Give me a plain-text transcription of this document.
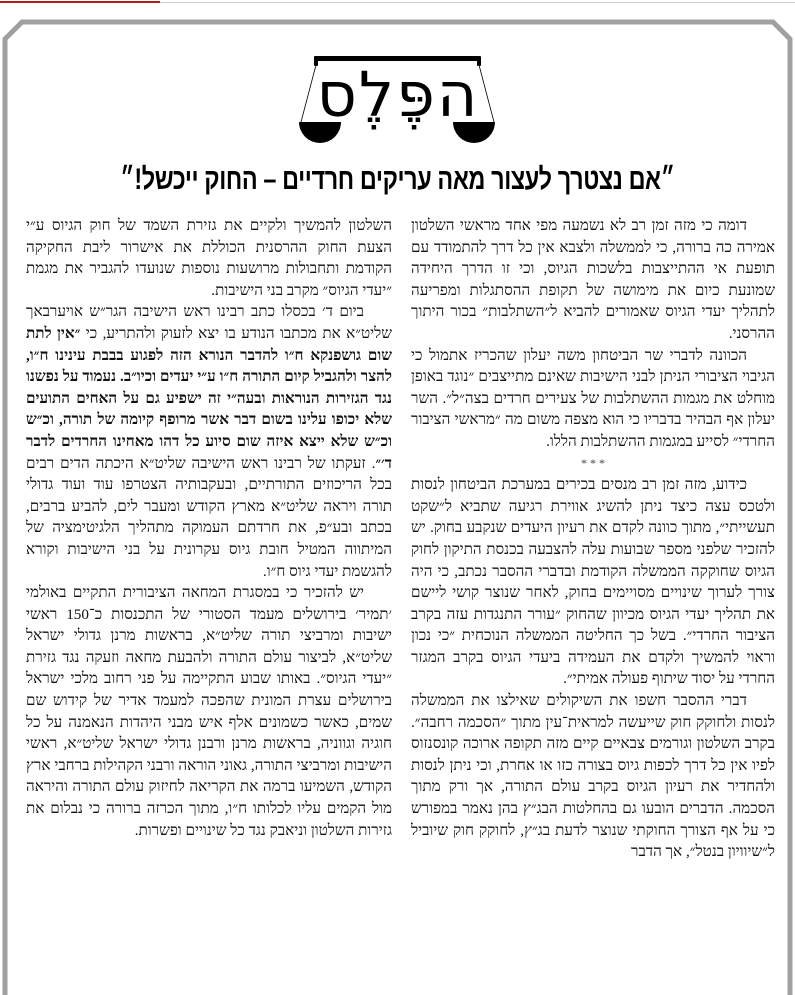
הפֶּלֶס
״אם נצטרך לעצור מאה עריקים חרדיים – החוק ייכשל!״

דומה כי מזה זמן רב לא נשמעה מפי אחד מראשי השלטון אמירה כה ברורה, כי לממשלה ולצבא אין כל דרך להתמודד עם תופעת אי ההתייצבות בלשכות הגיוס, וכי זו הדרך היחידה שמונעת כיום את מימושה של תקופת ההסתגלות ומפריעה לתהליך יעדי הגיוס שאמורים להביא ל״השתלבות״ בכור היתוך ההרסני.

הכוונה לדברי שר הביטחון משה יעלון שהכריז אתמול כי הגיבוי הציבורי הניתן לבני הישיבות שאינם מתייצבים ״נוגד באופן מוחלט את מגמות ההשתלבות של צעירים חרדים בצה״ל״. השר יעלון אף הבהיר בדבריו כי הוא מצפה משום מה ״מראשי הציבור החרדי״ לסייע במגמות ההשתלבות הללו.

* * *

כידוע, מזה זמן רב מנסים בכירים במערכת הביטחון לנסות ולטכס עצה כיצד ניתן להשיג אווירת רגיעה שתביא ל״שקט תעשייתי״, מתוך כוונה לקדם את רעיון היעדים שנקבע בחוק. יש להזכיר שלפני מספר שבועות עלה להצבעה בכנסת התיקון לחוק הגיוס שחוקקה הממשלה הקודמת ובדברי ההסבר נכתב, כי היה צורך לערוך שינויים מסויימים בחוק, לאחר שנוצר קושי ליישם את תהליך יעדי הגיוס מכיוון שהחוק ״עורר התנגדות עזה בקרב הציבור החרדי״. בשל כך החליטה הממשלה הנוכחית ״כי נכון וראוי להמשיך ולקדם את העמידה ביעדי הגיוס בקרב המגזר החרדי על יסוד שיתוף פעולה אמיתי״.

דברי ההסבר חשפו את השיקולים שאילצו את הממשלה לנסות ולחוקק חוק שייעשה למראית־עין מתוך ״הסכמה רחבה״. בקרב השלטון וגורמים צבאיים קיים מזה תקופה ארוכה קונסנזוס לפיו אין כל דרך לכפות גיוס בצורה כזו או אחרת, וכי ניתן לנסות ולהחדיר את רעיון הגיוס בקרב עולם התורה, אך ורק מתוך הסכמה. הדברים הובעו גם בהחלטות הבג״ץ בהן נאמר במפורש כי על אף הצורך החוקתי שנוצר לדעת בג״ץ, לחוקק חוק שיוביל ל״שיוויון בנטל״, אך הדבר

השלטון להמשיך ולקיים את גזירת השמד של חוק הגיוס ע״י הצעת החוק ההרסנית הכוללת את אישרור ליבת החקיקה הקודמת ותחבולות מרושעות נוספות שנועדו להגביר את מגמת ״יעדי הגיוס״ מקרב בני הישיבות.

ביום ד׳ בכסלו כתב רבינו ראש הישיבה הגר״ש אויערבאך שליט״א את מכתבו הנודע בו יצא לזעוק ולהתריע, כי ״אין לתת שום גושפנקא ח״ו להדבר הנורא הזה לפגוע בבבת עינינו ח״ו, להצר ולהגביל קיום התורה ח״ו ע״י יעדים וכיו״ב. נעמוד על נפשנו נגד הגזירות הנוראות ובעה״י זה ישפיע גם על האחים התועים שלא יכופו עלינו בשום דבר אשר מרופף קיומה של תורה, וכ״ש וכ״ש שלא ייצא איזה שום סיוע כל דהו מאחינו החרדים לדבר ד׳״. זעקתו של רבינו ראש הישיבה שליט״א היכתה הדים רבים בכל הריכוזים התורתיים, ובעקבותיה הצטרפו עוד ועוד גדולי תורה ויראה שליט״א מארץ הקודש ומעבר לים, להביע ברבים, בכתב ובע״פ, את חרדתם העמוקה מתהליך הלגיטימציה של המיתווה המטיל חובת גיוס עקרונית על בני הישיבות וקורא להגשמת יעדי גיוס ח״ו.

יש להזכיר כי במסגרת המחאה הציבורית התקיים באולמי ׳תמיר׳ בירושלים מעמד הסטורי של התכנסות כ־150 ראשי ישיבות ומרביצי תורה שליט״א, בראשות מרנן גדולי ישראל שליט״א, לביצור עולם התורה ולהבעת מחאה וזעקה נגד גזירת ״יעדי הגיוס״. באותו שבוע התקיימה על פני רחוב מלכי ישראל בירושלים עצרת המונית שהפכה למעמד אדיר של קידוש שם שמים, כאשר כשמונים אלף איש מבני היהדות הנאמנה על כל חוגיה וגווניה, בראשות מרנן ורבנן גדולי ישראל שליט״א, ראשי הישיבות ומרביצי התורה, גאוני הוראה ורבני הקהילות ברחבי ארץ הקודש, השמיעו ברמה את הקריאה לחיזוק עולם התורה והיראה מול הקמים עליו לכלותו ח״ו, מתוך הכרזה ברורה כי נבלום את גזירות השלטון וניאבק נגד כל שינויים ופשרות.
